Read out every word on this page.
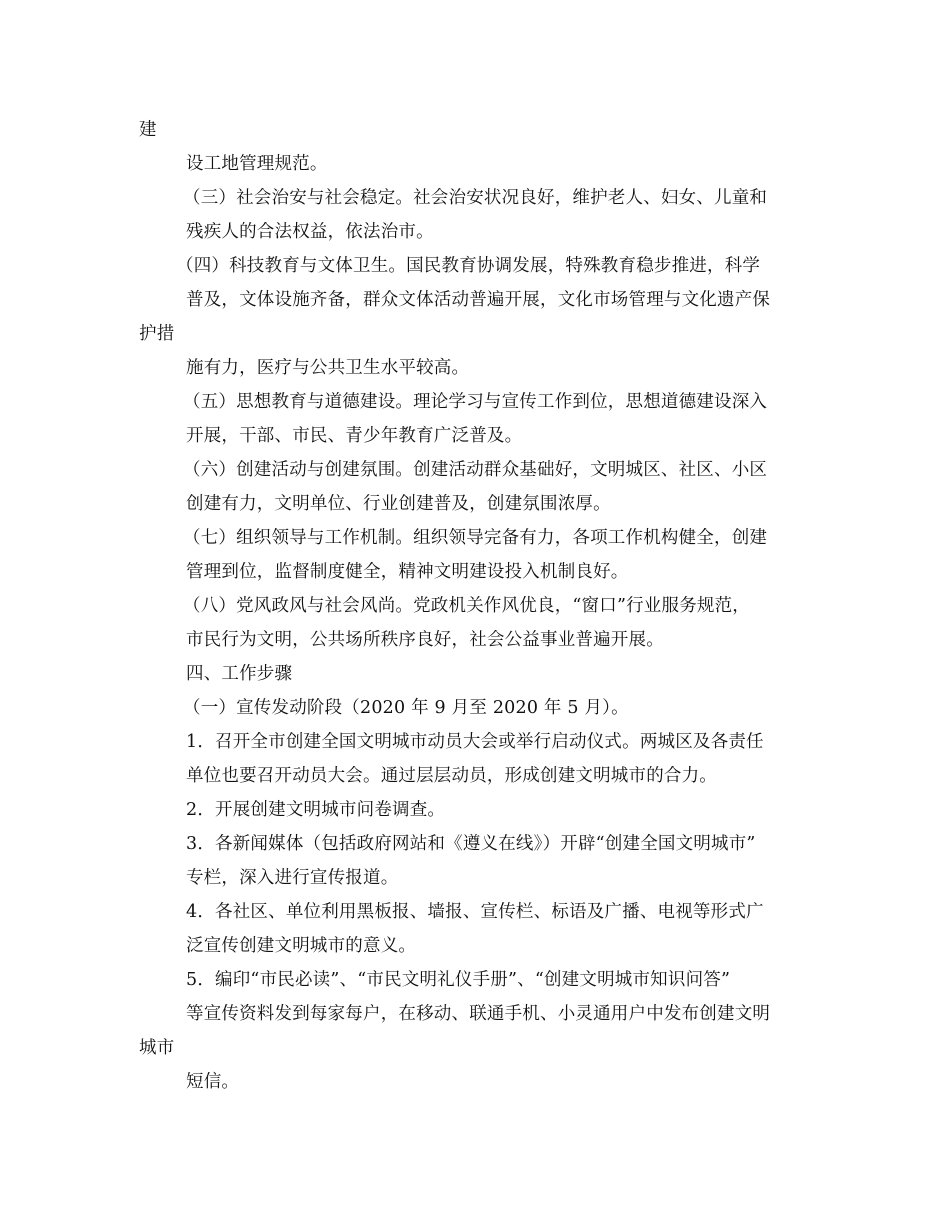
建
设工地管理规范。
（三）社会治安与社会稳定。社会治安状况良好，维护老人、妇女、儿童和
残疾人的合法权益，依法治市。
（四）科技教育与文体卫生。国民教育协调发展，特殊教育稳步推进，科学
普及，文体设施齐备，群众文体活动普遍开展，文化市场管理与文化遗产保
护措
施有力，医疗与公共卫生水平较高。
（五）思想教育与道德建设。理论学习与宣传工作到位，思想道德建设深入
开展，干部、市民、青少年教育广泛普及。
（六）创建活动与创建氛围。创建活动群众基础好，文明城区、社区、小区
创建有力，文明单位、行业创建普及，创建氛围浓厚。
（七）组织领导与工作机制。组织领导完备有力，各项工作机构健全，创建
管理到位，监督制度健全，精神文明建设投入机制良好。
（八）党风政风与社会风尚。党政机关作风优良，“窗口”行业服务规范，
市民行为文明，公共场所秩序良好，社会公益事业普遍开展。
四、工作步骤
（一）宣传发动阶段（2020 年 9 月至 2020 年 5 月）。
1．召开全市创建全国文明城市动员大会或举行启动仪式。两城区及各责任
单位也要召开动员大会。通过层层动员，形成创建文明城市的合力。
2．开展创建文明城市问卷调查。
3．各新闻媒体（包括政府网站和《遵义在线》）开辟“创建全国文明城市”
专栏，深入进行宣传报道。
4．各社区、单位利用黑板报、墙报、宣传栏、标语及广播、电视等形式广
泛宣传创建文明城市的意义。
5．编印“市民必读”、“市民文明礼仪手册”、“创建文明城市知识问答”
等宣传资料发到每家每户，在移动、联通手机、小灵通用户中发布创建文明
城市
短信。
